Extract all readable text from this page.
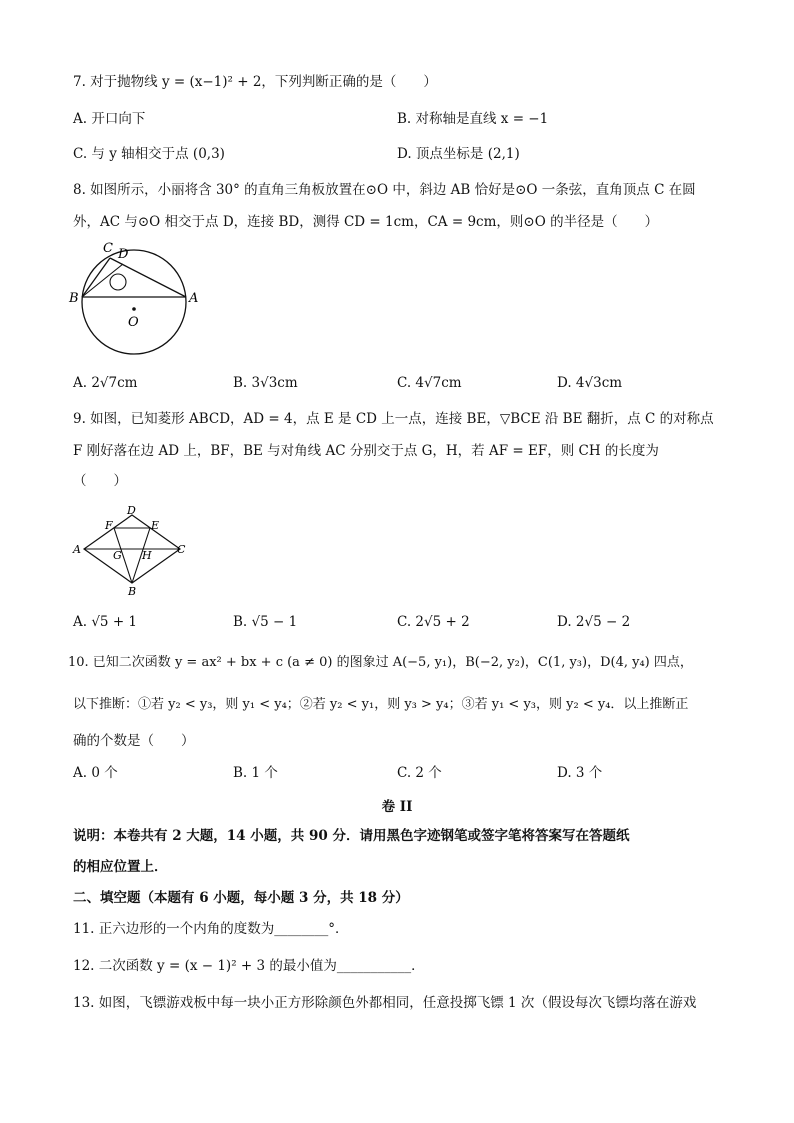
7. 对于抛物线 y = (x−1)² + 2，下列判断正确的是（　　）
A. 开口向下	B. 对称轴是直线 x = −1
C. 与 y 轴相交于点 (0,3)	D. 顶点坐标是 (2,1)
8. 如图所示，小丽将含 30° 的直角三角板放置在⊙O 中，斜边 AB 恰好是⊙O 一条弦，直角顶点 C 在圆
外，AC 与⊙O 相交于点 D，连接 BD，测得 CD = 1cm，CA = 9cm，则⊙O 的半径是（　　）
C D
B	A
O
A. 2√7cm	B. 3√3cm	C. 4√7cm	D. 4√3cm
9. 如图，已知菱形 ABCD，AD = 4，点 E 是 CD 上一点，连接 BE，▽BCE 沿 BE 翻折，点 C 的对称点
F 刚好落在边 AD 上，BF，BE 与对角线 AC 分别交于点 G，H，若 AF = EF，则 CH 的长度为
（　　）
D
F	E
A	G H C
B
A. √5 + 1	B. √5 − 1	C. 2√5 + 2	D. 2√5 − 2
10. 已知二次函数 y = ax² + bx + c (a ≠ 0) 的图象过 A(−5, y₁)，B(−2, y₂)，C(1, y₃)，D(4, y₄) 四点，
以下推断：①若 y₂ < y₃，则 y₁ < y₄；②若 y₂ < y₁，则 y₃ > y₄；③若 y₁ < y₃，则 y₂ < y₄．以上推断正
确的个数是（　　）
A. 0 个	B. 1 个	C. 2 个	D. 3 个
卷 II
说明：本卷共有 2 大题，14 小题，共 90 分．请用黑色字迹钢笔或签字笔将答案写在答题纸
的相应位置上．
二、填空题（本题有 6 小题，每小题 3 分，共 18 分）
11. 正六边形的一个内角的度数为________°．
12. 二次函数 y = (x − 1)² + 3 的最小值为___________．
13. 如图，飞镖游戏板中每一块小正方形除颜色外都相同，任意投掷飞镖 1 次（假设每次飞镖均落在游戏
